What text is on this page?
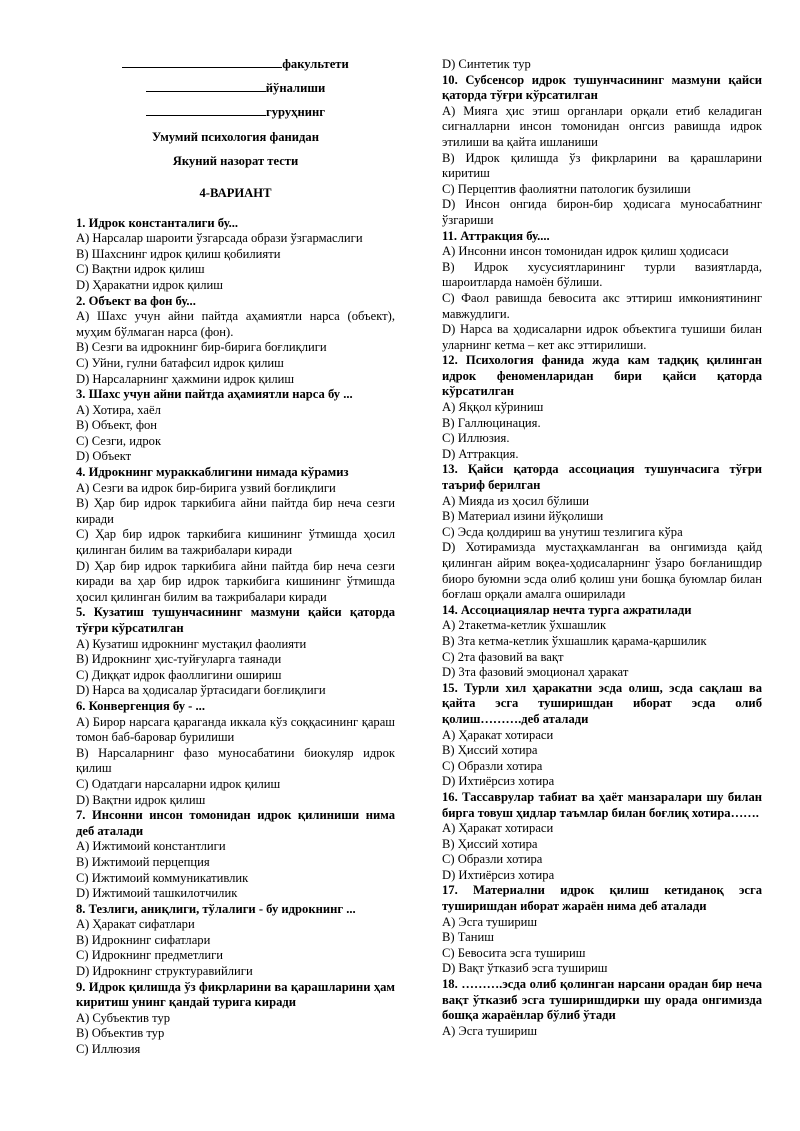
факультети
йўналиши
гуруҳнинг
Умумий психология фанидан
Якуний назорат тести
4-ВАРИАНТ
1. Идрок константалиги бу...
A) Нарсалар шароити ўзгарсада образи ўзгармаслиги
B) Шахснинг идрок қилиш қобилияти
C) Вақтни идрок қилиш
D) Ҳаракатни идрок қилиш
2. Объект ва фон бу...
A) Шахс учун айни пайтда аҳамиятли нарса (объект), муҳим бўлмаган нарса (фон).
B) Сезги ва идрокнинг бир-бирига боғлиқлиги
C) Уйни, гулни батафсил идрок қилиш
D) Нарсаларнинг ҳажмини идрок қилиш
3. Шахс учун айни пайтда аҳамиятли нарса бу ...
A) Хотира, хаёл
B) Объект, фон
C) Сезги, идрок
D) Объект
4. Идрокнинг мураккаблигини нимада кўрамиз
A) Сезги ва идрок бир-бирига узвий боғлиқлиги
B) Ҳар бир идрок таркибига айни пайтда бир неча сезги киради
C) Ҳар бир идрок таркибига кишининг ўтмишда ҳосил қилинган билим ва тажрибалари киради
D) Ҳар бир идрок таркибига айни пайтда бир неча сезги киради ва ҳар бир идрок таркибига кишининг ўтмишда ҳосил қилинган билим ва тажрибалари киради
5. Кузатиш тушунчасининг мазмуни қайси қаторда тўғри кўрсатилган
A) Кузатиш идрокнинг мустақил фаолияти
B) Идрокнинг ҳис-туйғуларга таянади
C) Диққат идрок фаоллигини ошириш
D) Нарса ва ҳодисалар ўртасидаги боғлиқлиги
6. Конвергенция бу - ...
A) Бирор нарсага қараганда иккала кўз соққасининг қараш томон баб-баровар бурилиши
B) Нарсаларнинг фазо муносабатини биокуляр идрок қилиш
C) Одатдаги нарсаларни идрок қилиш
D) Вақтни идрок қилиш
7. Инсонни инсон томонидан идрок қилиниши нима деб аталади
A) Ижтимоий константлиги
B) Ижтимоий перцепция
C) Ижтимоий коммуникативлик
D) Ижтимоий ташкилотчилик
8. Тезлиги, аниқлиги, тўлалиги - бу идрокнинг ...
A) Ҳаракат сифатлари
B) Идрокнинг сифатлари
C) Идрокнинг предметлиги
D) Идрокнинг структуравийлиги
9. Идрок қилишда ўз фикрларини ва қарашларини ҳам киритиш унинг қандай турига киради
A) Субъектив тур
B) Объектив тур
C) Иллюзия
D) Синтетик тур
10. Субсенсор идрок тушунчасининг мазмуни қайси қаторда тўғри кўрсатилган
A) Мияга ҳис этиш органлари орқали етиб келадиган сигналларни инсон томонидан онгсиз равишда идрок этилиши ва қайта ишланиши
B) Идрок қилишда ўз фикрларини ва қарашларини киритиш
C) Перцептив фаолиятни патологик бузилиши
D) Инсон онгида бирон-бир ҳодисага муносабатнинг ўзгариши
11. Аттракция бу....
A) Инсонни инсон томонидан идрок қилиш ҳодисаси
B) Идрок хусусиятларининг турли вазиятларда, шароитларда намоён бўлиши.
C) Фаол равишда бевосита акс эттириш имкониятининг мавжудлиги.
D) Нарса ва ҳодисаларни идрок объектига тушиши билан уларнинг кетма – кет акс эттирилиши.
12. Психология фанида жуда кам тадқиқ қилинган идрок феноменларидан бири қайси қаторда кўрсатилган
A) Яққол кўриниш
B) Галлюцинация.
C) Иллюзия.
D) Аттракция.
13. Қайси қаторда ассоциация тушунчасига тўғри таъриф берилган
A) Мияда из ҳосил бўлиши
B) Материал изини йўқолиши
C) Эсда қолдириш ва унутиш тезлигига кўра
D) Хотирамизда мустаҳкамланган ва онгимизда қайд қилинган айрим воқеа-ҳодисаларнинг ўзаро боғланишдир биоро буюмни эсда олиб қолиш уни бошқа буюмлар билан боғлаш орқали амалга оширилади
14. Ассоциациялар нечта турга ажратилади
A) 2такетма-кетлик ўхшашлик
B) 3та кетма-кетлик ўхшашлик қарама-қаршилик
C) 2та фазовий ва вақт
D) 3та фазовий эмоционал ҳаракат
15. Турли хил ҳаракатни эсда олиш, эсда сақлаш ва қайта эсга туширишдан иборат эсда олиб қолиш……….деб аталади
A) Ҳаракат хотираси
B) Ҳиссий хотира
C) Образли хотира
D) Ихтиёрсиз хотира
16. Тассаврулар табиат ва ҳаёт манзаралари шу билан бирга товуш ҳидлар таъмлар билан боғлиқ хотира…….
A) Ҳаракат хотираси
B) Ҳиссий хотира
C) Образли хотира
D) Ихтиёрсиз хотира
17. Материални идрок қилиш кетиданоқ эсга туширишдан иборат жараён нима деб аталади
A) Эсга тушириш
B) Таниш
C) Бевосита эсга тушириш
D) Вақт ўтказиб эсга тушириш
18. ……….эсда олиб қолинган нарсани орадан бир неча вақт ўтказиб эсга туширишдирки шу орада онгимизда бошқа жараёнлар бўлиб ўтади
A) Эсга тушириш
